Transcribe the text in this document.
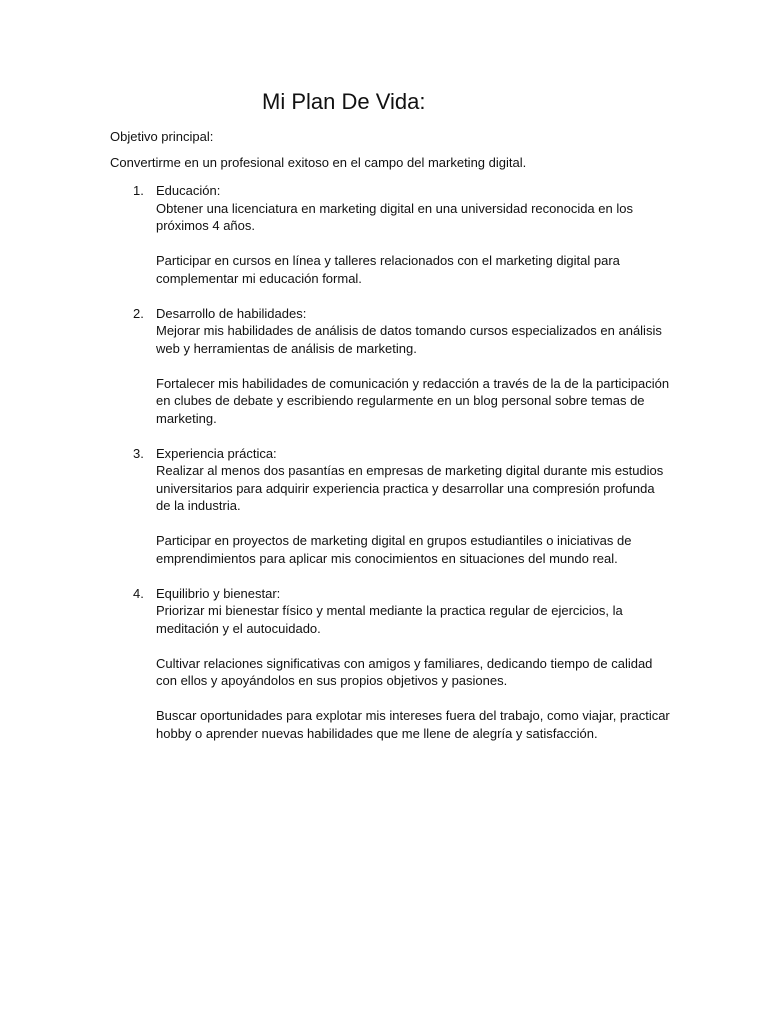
Mi Plan De Vida:

Objetivo principal:

Convertirme en un profesional exitoso en el campo del marketing digital.

1. Educación:
Obtener una licenciatura en marketing digital en una universidad reconocida en los próximos 4 años.
Participar en cursos en línea y talleres relacionados con el marketing digital para complementar mi educación formal.
2. Desarrollo de habilidades:
Mejorar mis habilidades de análisis de datos tomando cursos especializados en análisis web y herramientas de análisis de marketing.
Fortalecer mis habilidades de comunicación y redacción a través de la de la participación en clubes de debate y escribiendo regularmente en un blog personal sobre temas de marketing.
3. Experiencia práctica:
Realizar al menos dos pasantías en empresas de marketing digital durante mis estudios universitarios para adquirir experiencia practica y desarrollar una compresión profunda de la industria.
Participar en proyectos de marketing digital en grupos estudiantiles o iniciativas de emprendimientos para aplicar mis conocimientos en situaciones del mundo real.
4. Equilibrio y bienestar:
Priorizar mi bienestar físico y mental mediante la practica regular de ejercicios, la meditación y el autocuidado.
Cultivar relaciones significativas con amigos y familiares, dedicando tiempo de calidad con ellos y apoyándolos en sus propios objetivos y pasiones.
Buscar oportunidades para explotar mis intereses fuera del trabajo, como viajar, practicar hobby o aprender nuevas habilidades que me llene de alegría y satisfacción.
